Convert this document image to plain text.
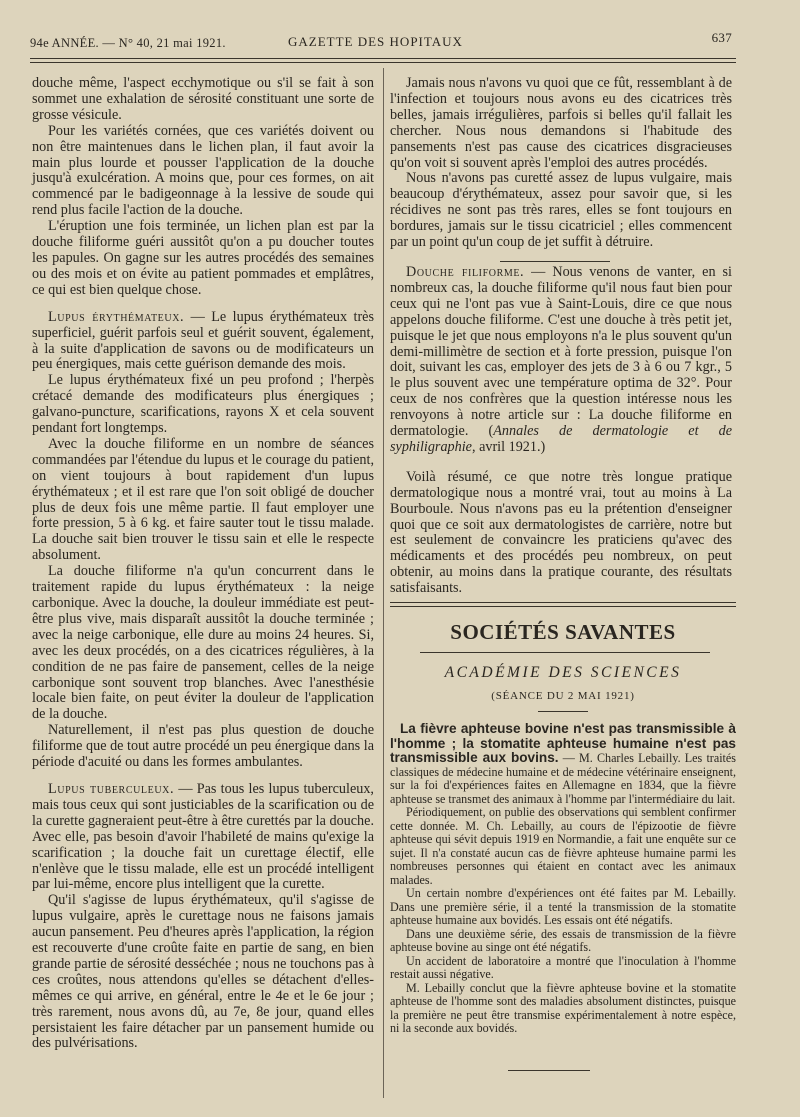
94e ANNÉE. — N° 40, 21 mai 1921.	GAZETTE DES HOPITAUX	637

douche même, l'aspect ecchymotique ou s'il se fait à son sommet une exhalation de sérosité constituant une sorte de grosse vésicule.

Pour les variétés cornées, que ces variétés doivent ou non être maintenues dans le lichen plan, il faut avoir la main plus lourde et pousser l'application de la douche jusqu'à exulcération. A moins que, pour ces formes, on ait commencé par le badigeonnage à la lessive de soude qui rend plus facile l'action de la douche.

L'éruption une fois terminée, un lichen plan est par la douche filiforme guéri aussitôt qu'on a pu doucher toutes les papules. On gagne sur les autres procédés des semaines ou des mois et on évite au patient pommades et emplâtres, ce qui est bien quelque chose.

Lupus érythémateux. — Le lupus érythémateux très superficiel, guérit parfois seul et guérit souvent, également, à la suite d'application de savons ou de modificateurs un peu énergiques, mais cette guérison demande des mois.

Le lupus érythémateux fixé un peu profond ; l'herpès crétacé demande des modificateurs plus énergiques ; galvano-puncture, scarifications, rayons X et cela souvent pendant fort longtemps.

Avec la douche filiforme en un nombre de séances commandées par l'étendue du lupus et le courage du patient, on vient toujours à bout rapidement d'un lupus érythémateux ; et il est rare que l'on soit obligé de doucher plus de deux fois une même partie. Il faut employer une forte pression, 5 à 6 kg. et faire sauter tout le tissu malade. La douche sait bien trouver le tissu sain et elle le respecte absolument.

La douche filiforme n'a qu'un concurrent dans le traitement rapide du lupus érythémateux : la neige carbonique. Avec la douche, la douleur immédiate est peut-être plus vive, mais disparaît aussitôt la douche terminée ; avec la neige carbonique, elle dure au moins 24 heures. Si, avec les deux procédés, on a des cicatrices régulières, à la condition de ne pas faire de pansement, celles de la neige carbonique sont souvent trop blanches. Avec l'anesthésie locale bien faite, on peut éviter la douleur de l'application de la douche.

Naturellement, il n'est pas plus question de douche filiforme que de tout autre procédé un peu énergique dans la période d'acuité ou dans les formes ambulantes.

Lupus tuberculeux. — Pas tous les lupus tuberculeux, mais tous ceux qui sont justiciables de la scarification ou de la curette gagneraient peut-être à être curettés par la douche. Avec elle, pas besoin d'avoir l'habileté de mains qu'exige la scarification ; la douche fait un curettage électif, elle n'enlève que le tissu malade, elle est un procédé intelligent par lui-même, encore plus intelligent que la curette.

Qu'il s'agisse de lupus érythémateux, qu'il s'agisse de lupus vulgaire, après le curettage nous ne faisons jamais aucun pansement. Peu d'heures après l'application, la région est recouverte d'une croûte faite en partie de sang, en bien grande partie de sérosité desséchée ; nous ne touchons pas à ces croûtes, nous attendons qu'elles se détachent d'elles-mêmes ce qui arrive, en général, entre le 4e et le 6e jour ; très rarement, nous avons dû, au 7e, 8e jour, quand elles persistaient les faire détacher par un pansement humide ou des pulvérisations.

Jamais nous n'avons vu quoi que ce fût, ressemblant à de l'infection et toujours nous avons eu des cicatrices très belles, jamais irrégulières, parfois si belles qu'il fallait les chercher. Nous nous demandons si l'habitude des pansements n'est pas cause des cicatrices disgracieuses qu'on voit si souvent après l'emploi des autres procédés.

Nous n'avons pas curetté assez de lupus vulgaire, mais beaucoup d'érythémateux, assez pour savoir que, si les récidives ne sont pas très rares, elles se font toujours en bordures, jamais sur le tissu cicatriciel ; elles commencent par un point qu'un coup de jet suffit à détruire.

Douche filiforme. — Nous venons de vanter, en si nombreux cas, la douche filiforme qu'il nous faut bien pour ceux qui ne l'ont pas vue à Saint-Louis, dire ce que nous appelons douche filiforme. C'est une douche à très petit jet, puisque le jet que nous employons n'a le plus souvent qu'un demi-millimètre de section et à forte pression, puisque l'on doit, suivant les cas, employer des jets de 3 à 6 ou 7 kgr., 5 le plus souvent avec une température optima de 32°. Pour ceux de nos confrères que la question intéresse nous les renvoyons à notre article sur : La douche filiforme en dermatologie. (Annales de dermatologie et de syphiligraphie, avril 1921.)

Voilà résumé, ce que notre très longue pratique dermatologique nous a montré vrai, tout au moins à La Bourboule. Nous n'avons pas eu la prétention d'enseigner quoi que ce soit aux dermatologistes de carrière, notre but est seulement de convaincre les praticiens qu'avec des médicaments et des procédés peu nombreux, on peut obtenir, au moins dans la pratique courante, des résultats satisfaisants.

SOCIÉTÉS SAVANTES
ACADÉMIE DES SCIENCES
(SÉANCE DU 2 MAI 1921)

La fièvre aphteuse bovine n'est pas transmissible à l'homme ; la stomatite aphteuse humaine n'est pas transmissible aux bovins. — M. Charles Lebailly. Les traités classiques de médecine humaine et de médecine vétérinaire enseignent, sur la foi d'expériences faites en Allemagne en 1834, que la fièvre aphteuse se transmet des animaux à l'homme par l'intermédiaire du lait.

Périodiquement, on publie des observations qui semblent confirmer cette donnée. M. Ch. Lebailly, au cours de l'épizootie de fièvre aphteuse qui sévit depuis 1919 en Normandie, a fait une enquête sur ce sujet. Il n'a constaté aucun cas de fièvre aphteuse humaine parmi les nombreuses personnes qui étaient en contact avec les animaux malades.

Un certain nombre d'expériences ont été faites par M. Lebailly. Dans une première série, il a tenté la transmission de la stomatite aphteuse humaine aux bovidés. Les essais ont été négatifs.

Dans une deuxième série, des essais de transmission de la fièvre aphteuse bovine au singe ont été négatifs.

Un accident de laboratoire a montré que l'inoculation à l'homme restait aussi négative.

M. Lebailly conclut que la fièvre aphteuse bovine et la stomatite aphteuse de l'homme sont des maladies absolument distinctes, puisque la première ne peut être transmise expérimentalement à notre espèce, ni la seconde aux bovidés.
